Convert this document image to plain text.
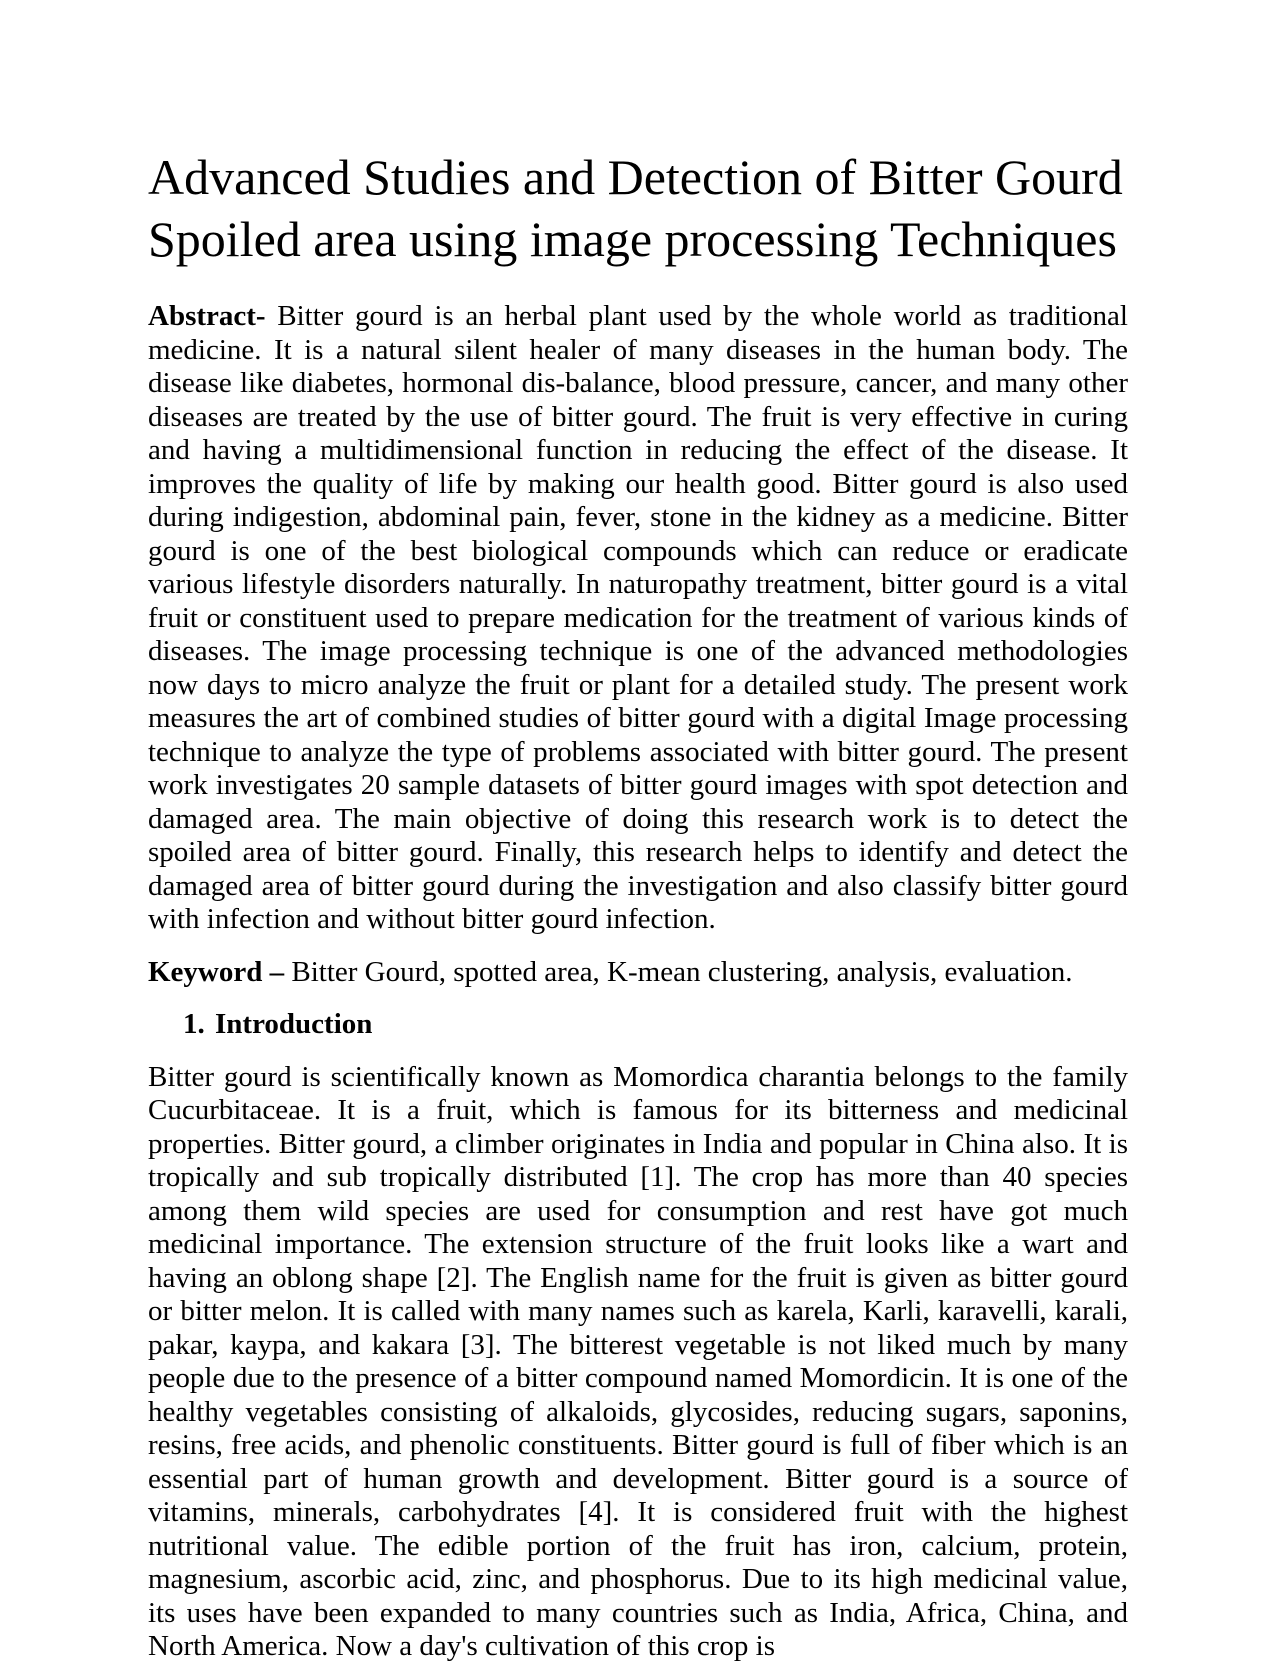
Advanced Studies and Detection of Bitter Gourd
Spoiled area using image processing Techniques

Abstract- Bitter gourd is an herbal plant used by the whole world as traditional medicine. It is a natural silent healer of many diseases in the human body. The disease like diabetes, hormonal dis-balance, blood pressure, cancer, and many other diseases are treated by the use of bitter gourd. The fruit is very effective in curing and having a multidimensional function in reducing the effect of the disease. It improves the quality of life by making our health good. Bitter gourd is also used during indigestion, abdominal pain, fever, stone in the kidney as a medicine. Bitter gourd is one of the best biological compounds which can reduce or eradicate various lifestyle disorders naturally. In naturopathy treatment, bitter gourd is a vital fruit or constituent used to prepare medication for the treatment of various kinds of diseases. The image processing technique is one of the advanced methodologies now days to micro analyze the fruit or plant for a detailed study. The present work measures the art of combined studies of bitter gourd with a digital Image processing technique to analyze the type of problems associated with bitter gourd. The present work investigates 20 sample datasets of bitter gourd images with spot detection and damaged area. The main objective of doing this research work is to detect the spoiled area of bitter gourd. Finally, this research helps to identify and detect the damaged area of bitter gourd during the investigation and also classify bitter gourd with infection and without bitter gourd infection.

Keyword – Bitter Gourd, spotted area, K-mean clustering, analysis, evaluation.

1. Introduction

Bitter gourd is scientifically known as Momordica charantia belongs to the family Cucurbitaceae. It is a fruit, which is famous for its bitterness and medicinal properties. Bitter gourd, a climber originates in India and popular in China also. It is tropically and sub tropically distributed [1]. The crop has more than 40 species among them wild species are used for consumption and rest have got much medicinal importance. The extension structure of the fruit looks like a wart and having an oblong shape [2]. The English name for the fruit is given as bitter gourd or bitter melon. It is called with many names such as karela, Karli, karavelli, karali, pakar, kaypa, and kakara [3]. The bitterest vegetable is not liked much by many people due to the presence of a bitter compound named Momordicin. It is one of the healthy vegetables consisting of alkaloids, glycosides, reducing sugars, saponins, resins, free acids, and phenolic constituents. Bitter gourd is full of fiber which is an essential part of human growth and development. Bitter gourd is a source of vitamins, minerals, carbohydrates [4]. It is considered fruit with the highest nutritional value. The edible portion of the fruit has iron, calcium, protein, magnesium, ascorbic acid, zinc, and phosphorus. Due to its high medicinal value, its uses have been expanded to many countries such as India, Africa, China, and North America. Now a day's cultivation of this crop is
